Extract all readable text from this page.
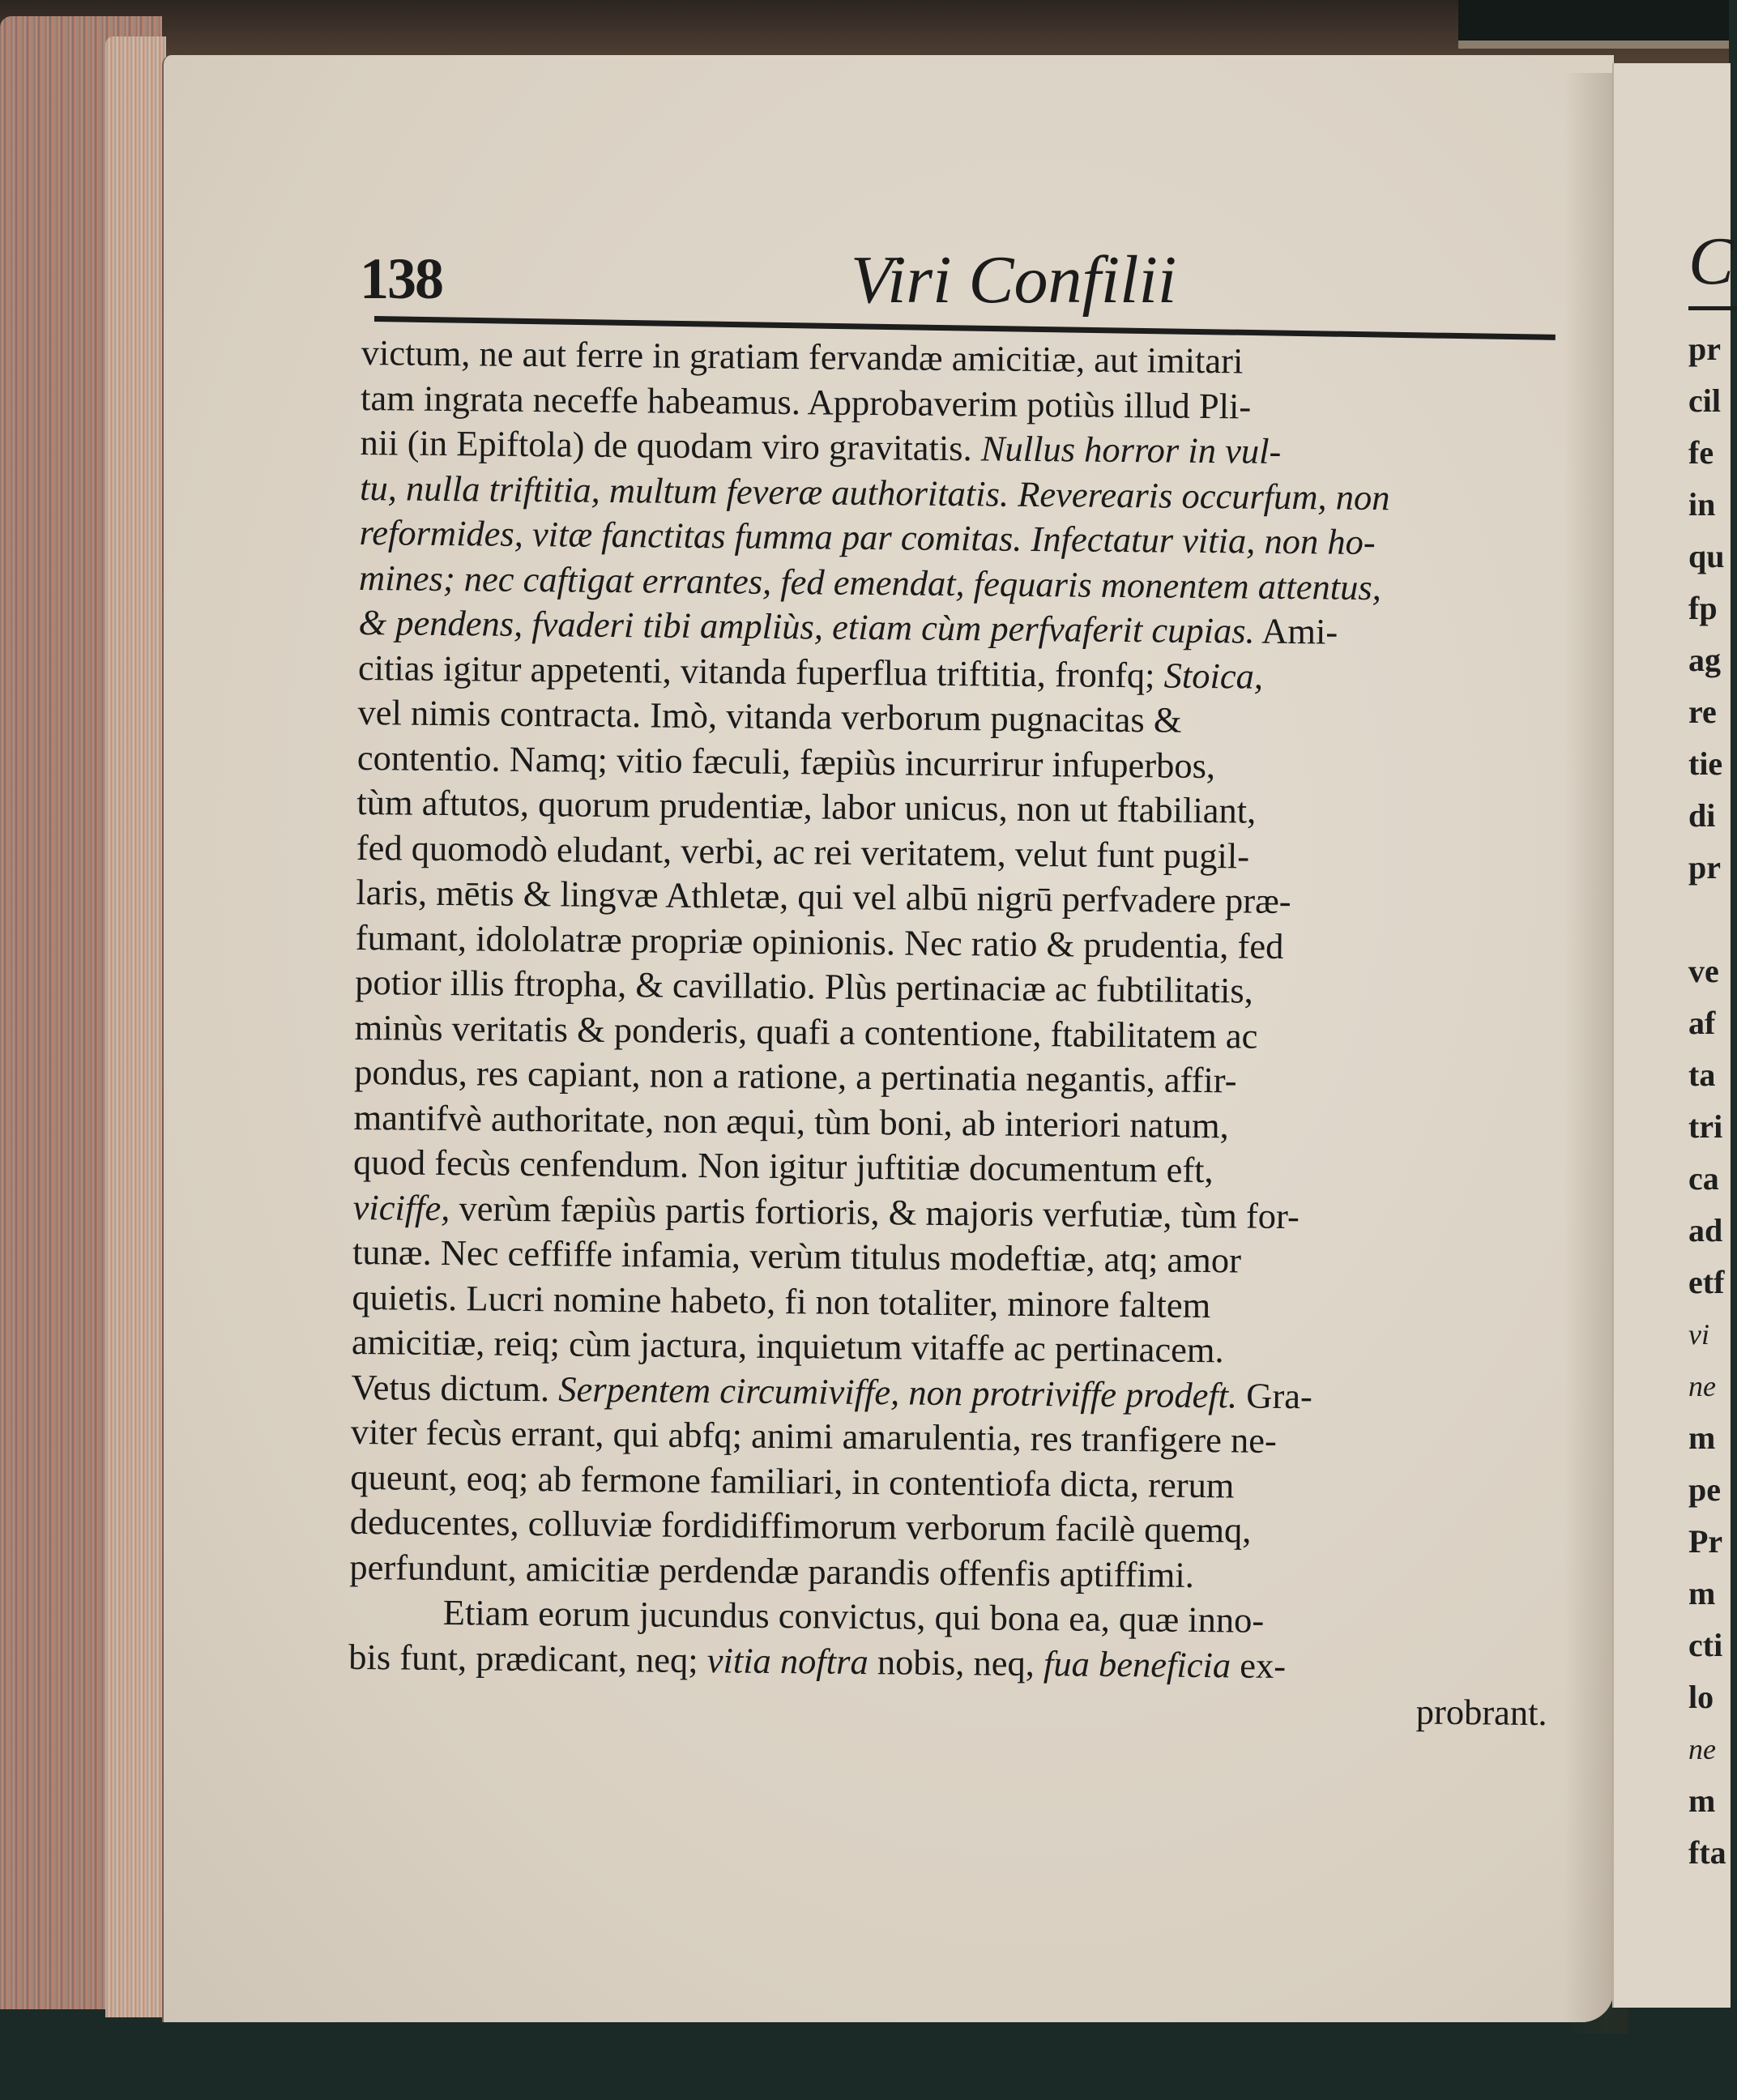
C
pr
cil
fe
in
qu
fp
ag
re
tie
di
pr
ve
af
ta
tri
ca
ad
etf
vi
ne
m
pe
Pr
m
cti
lo
ne
m
fta
138	Viri Confilii
victum, ne aut ferre in gratiam fervandæ amicitiæ, aut imitari
tam ingrata neceffe habeamus. Approbaverim potiùs illud Pli-
nii (in Epiftola) de quodam viro gravitatis. Nullus horror in vul-
tu, nulla triftitia, multum feveræ authoritatis. Reverearis occurfum, non
reformides, vitæ fanctitas fumma par comitas. Infectatur vitia, non ho-
mines; nec caftigat errantes, fed emendat, fequaris monentem attentus,
& pendens, fvaderi tibi ampliùs, etiam cùm perfvaferit cupias. Ami-
citias igitur appetenti, vitanda fuperflua triftitia, fronfq; Stoica,
vel nimis contracta. Imò, vitanda verborum pugnacitas &
contentio. Namq; vitio fæculi, fæpiùs incurrirur infuperbos,
tùm aftutos, quorum prudentiæ, labor unicus, non ut ftabiliant,
fed quomodò eludant, verbi, ac rei veritatem, velut funt pugil-
laris, mētis & lingvæ Athletæ, qui vel albū nigrū perfvadere præ-
fumant, idololatræ propriæ opinionis. Nec ratio & prudentia, fed
potior illis ftropha, & cavillatio. Plùs pertinaciæ ac fubtilitatis,
minùs veritatis & ponderis, quafi a contentione, ftabilitatem ac
pondus, res capiant, non a ratione, a pertinatia negantis, affir-
mantifvè authoritate, non æqui, tùm boni, ab interiori natum,
quod fecùs cenfendum. Non igitur juftitiæ documentum eft,
viciffe, verùm fæpiùs partis fortioris, & majoris verfutiæ, tùm for-
tunæ. Nec ceffiffe infamia, verùm titulus modeftiæ, atq; amor
quietis. Lucri nomine habeto, fi non totaliter, minore faltem
amicitiæ, reiq; cùm jactura, inquietum vitaffe ac pertinacem.
Vetus dictum. Serpentem circumiviffe, non protriviffe prodeft. Gra-
viter fecùs errant, qui abfq; animi amarulentia, res tranfigere ne-
queunt, eoq; ab fermone familiari, in contentiofa dicta, rerum
deducentes, colluviæ fordidiffimorum verborum facilè quemq,
perfundunt, amicitiæ perdendæ parandis offenfis aptiffimi.
Etiam eorum jucundus convictus, qui bona ea, quæ inno-
bis funt, prædicant, neq; vitia noftra nobis, neq, fua beneficia ex-
probrant.
